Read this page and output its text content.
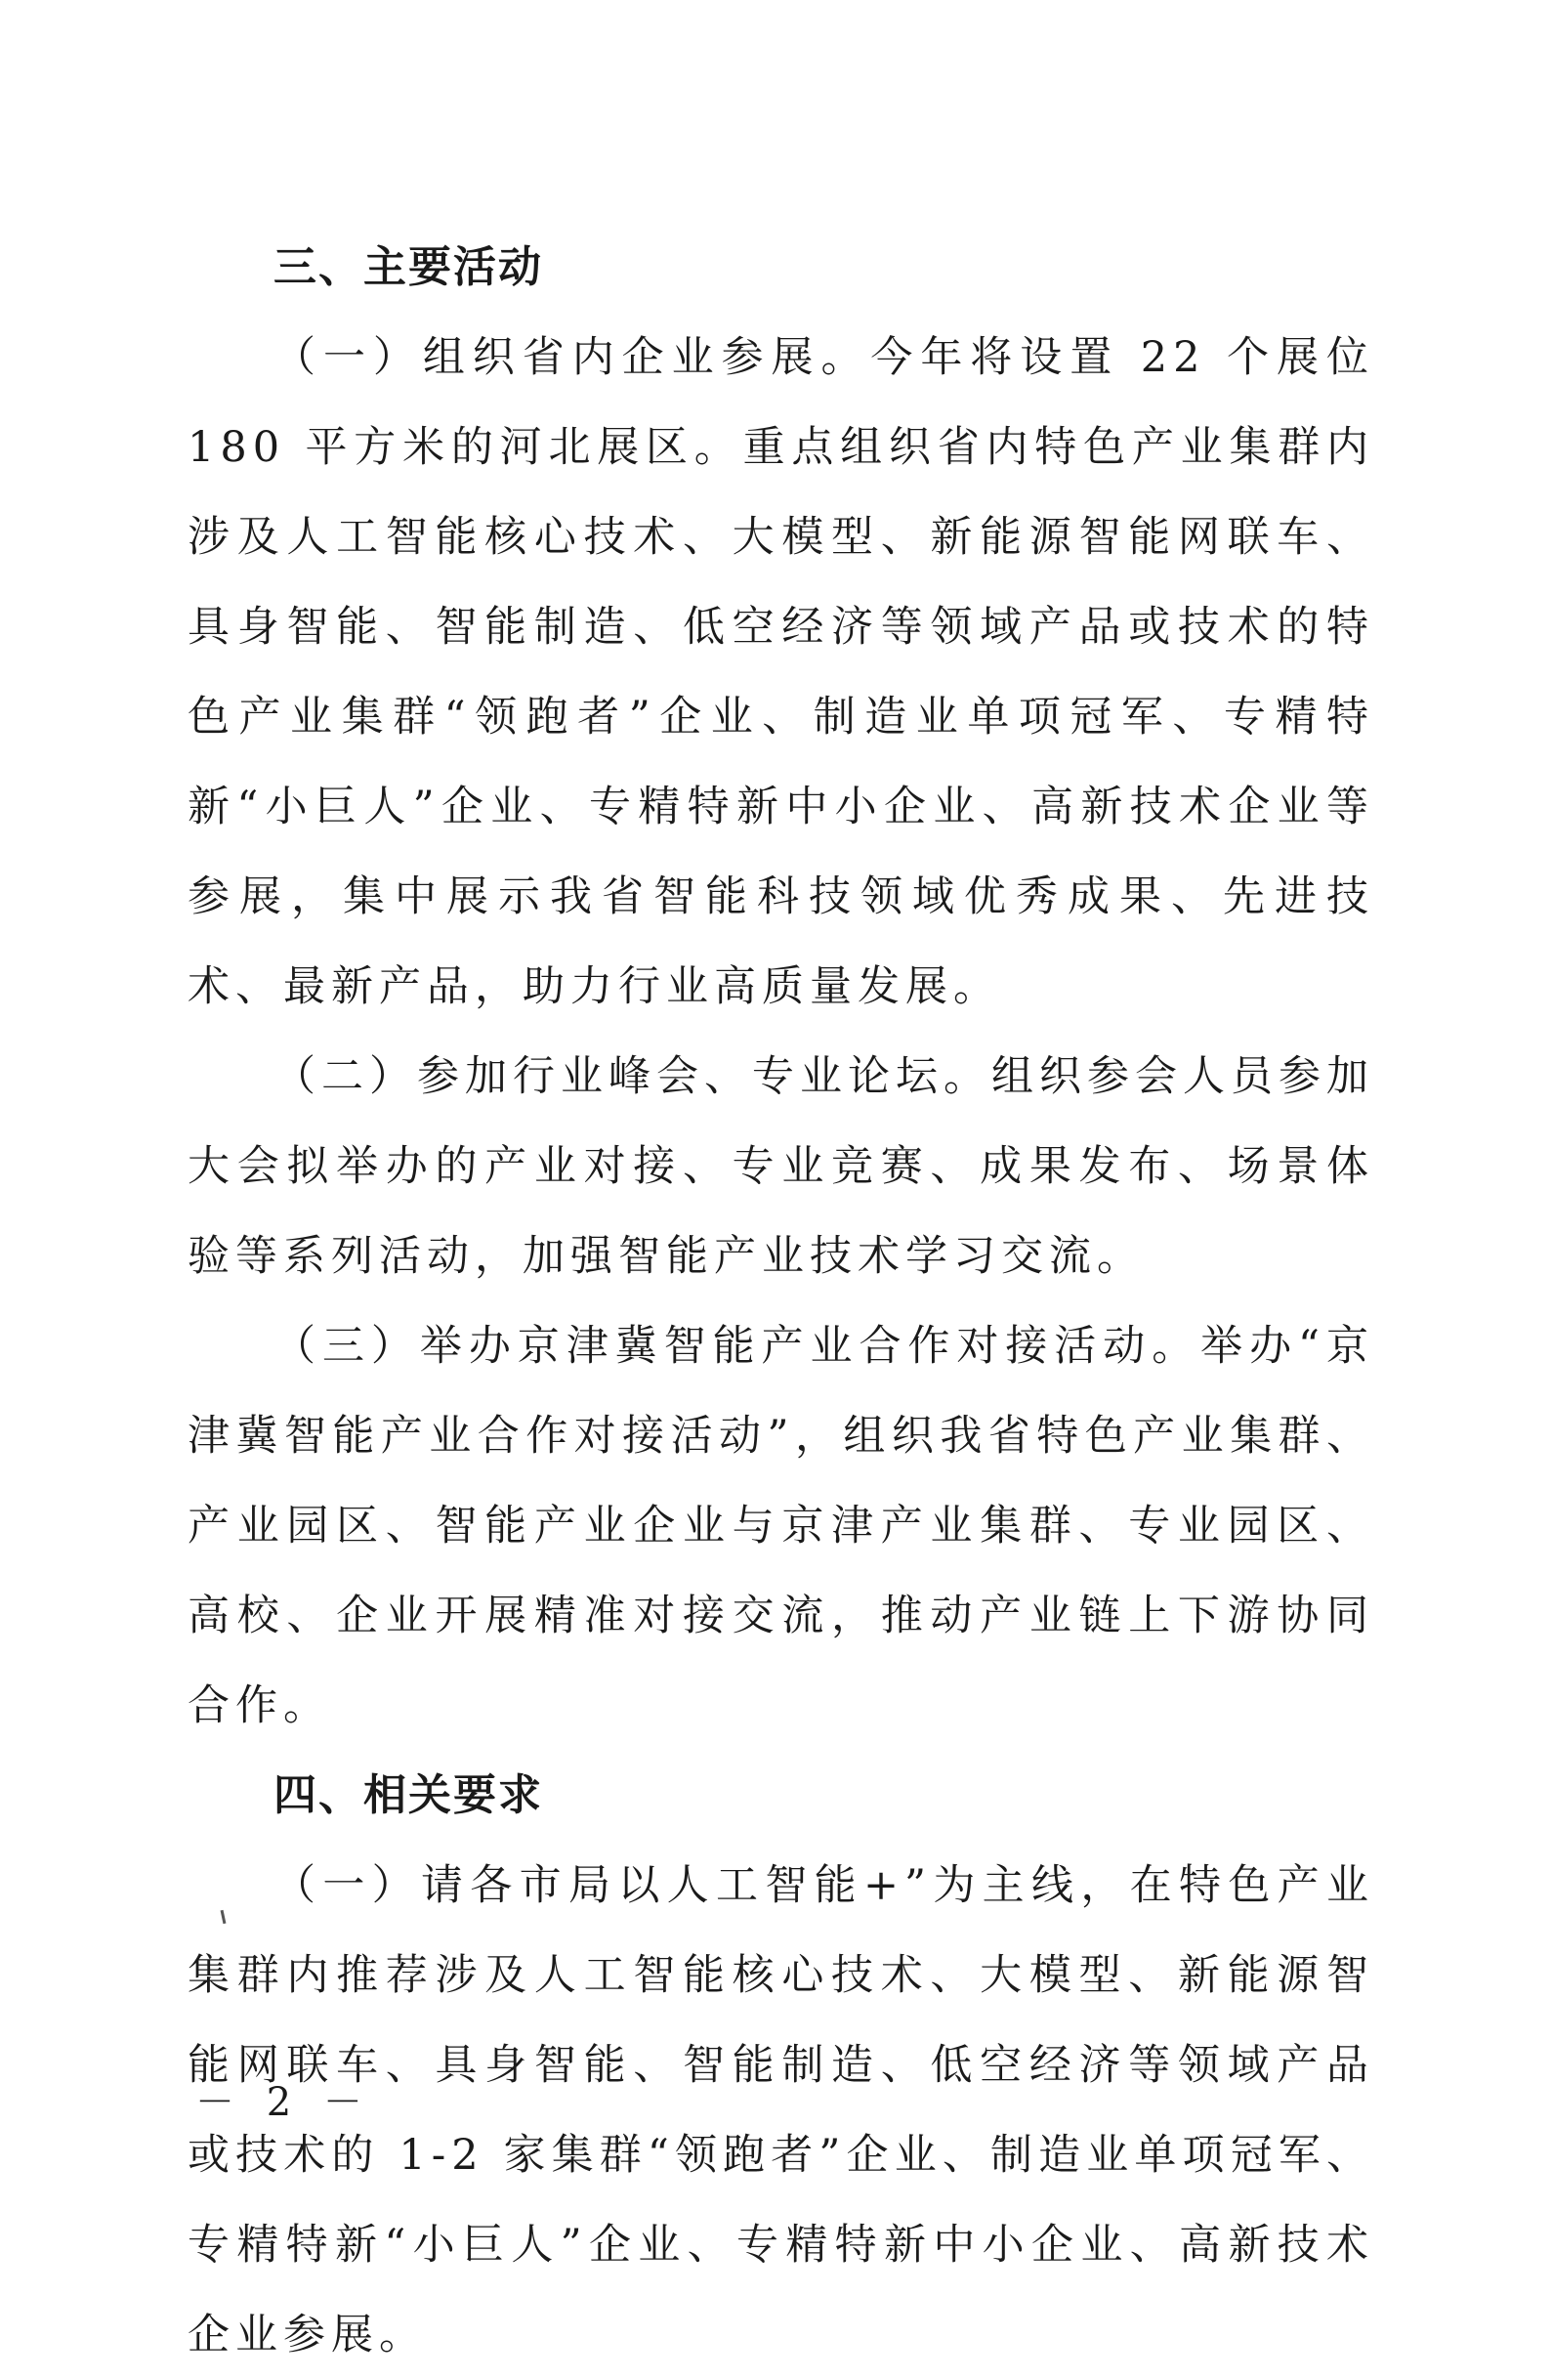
三、主要活动

（一）组织省内企业参展。今年将设置 22 个展位 180 平方米的河北展区。重点组织省内特色产业集群内涉及人工智能核心技术、大模型、新能源智能网联车、具身智能、智能制造、低空经济等领域产品或技术的特色产业集群“领跑者”企业、制造业单项冠军、专精特新“小巨人”企业、专精特新中小企业、高新技术企业等参展，集中展示我省智能科技领域优秀成果、先进技术、最新产品，助力行业高质量发展。

（二）参加行业峰会、专业论坛。组织参会人员参加大会拟举办的产业对接、专业竞赛、成果发布、场景体验等系列活动，加强智能产业技术学习交流。

（三）举办京津冀智能产业合作对接活动。举办“京津冀智能产业合作对接活动”，组织我省特色产业集群、产业园区、智能产业企业与京津产业集群、专业园区、高校、企业开展精准对接交流，推动产业链上下游协同合作。

四、相关要求

（一）请各市局以人工智能+”为主线，在特色产业集群内推荐涉及人工智能核心技术、大模型、新能源智能网联车、具身智能、智能制造、低空经济等领域产品或技术的 1-2 家集群“领跑者”企业、制造业单项冠军、专精特新“小巨人”企业、专精特新中小企业、高新技术企业参展。

－ 2 －
